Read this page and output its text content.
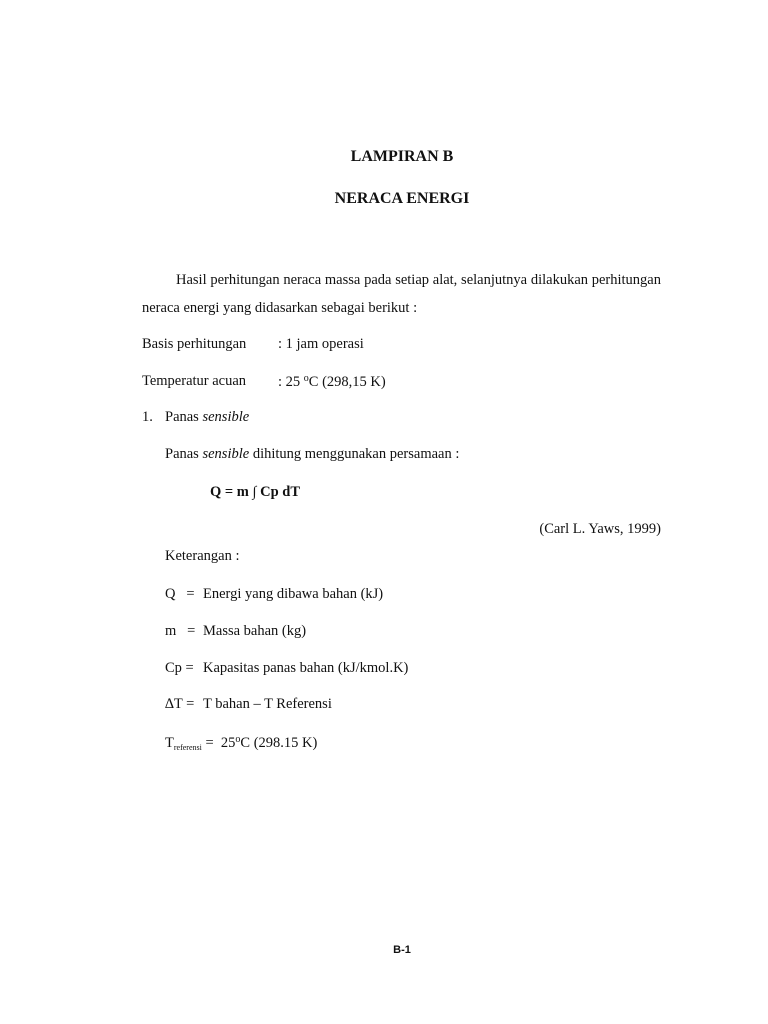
LAMPIRAN B
NERACA ENERGI
Hasil perhitungan neraca massa pada setiap alat, selanjutnya dilakukan perhitungan neraca energi yang didasarkan sebagai berikut :
Basis perhitungan : 1 jam operasi
Temperatur acuan : 25 $^o$C (298,15 K)
1. Panas sensible
Panas sensible dihitung menggunakan persamaan :
Q = m ∫ Cp dT
(Carl L. Yaws, 1999)
Keterangan :
Q = Energi yang dibawa bahan (kJ)
m = Massa bahan (kg)
Cp = Kapasitas panas bahan (kJ/kmol.K)
∆T = T bahan – T Referensi
$T_{referensi} = 25^oC$ (298.15 K)
B-1
